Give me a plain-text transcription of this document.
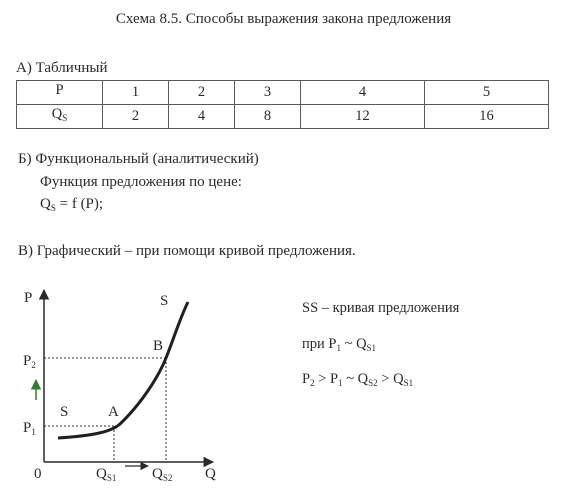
Схема 8.5. Способы выражения закона предложения
А) Табличный
P	1	2	3	4	5
$Q_S$	2	4	8	12	16
Б) Функциональный (аналитический)
Функция предложения по цене:
$Q_S = f$ (P);
В) Графический – при помощи кривой предложения.
P
Q
0
S
S	A
B
$P_2$
$P_1$
$Q_{S1}$ $Q_{S2}$
SS – кривая предложения
при $P_1$ ~ $Q_{S1}$
$P_2 > P_1$ ~ $Q_{S2} > Q_{S1}$
